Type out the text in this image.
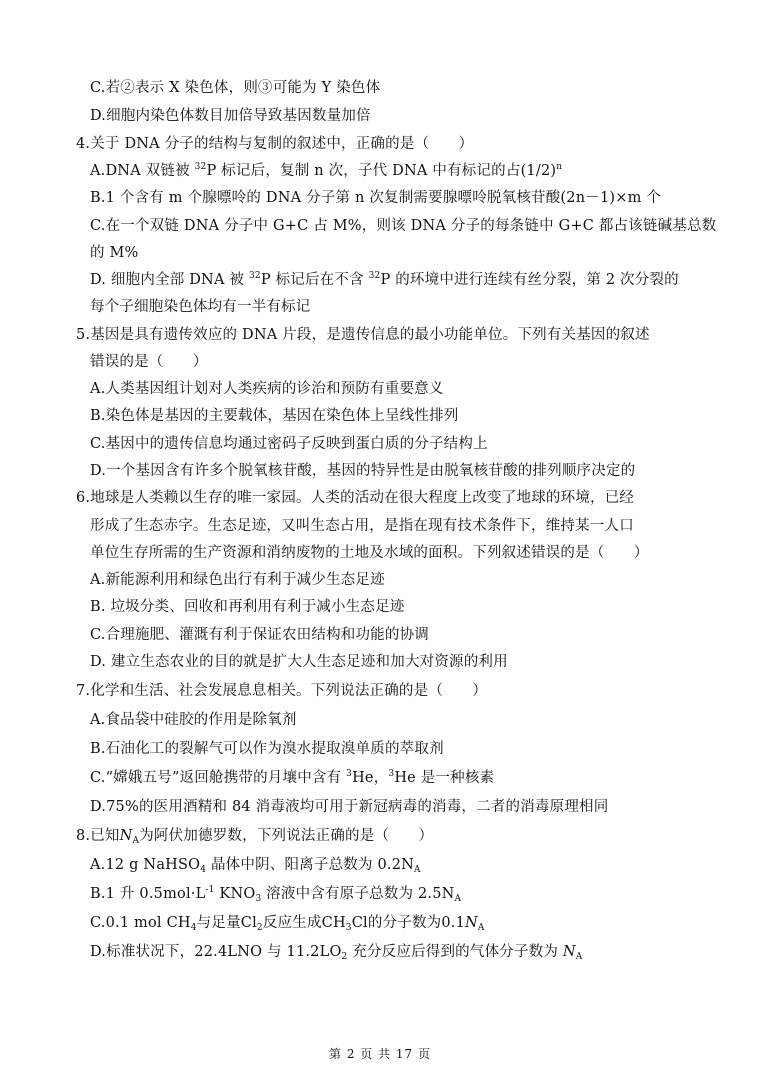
C.若②表示 X 染色体，则③可能为 Y 染色体
D.细胞内染色体数目加倍导致基因数量加倍
4.关于 DNA 分子的结构与复制的叙述中，正确的是（　　）
A.DNA 双链被 $^{32}$P 标记后，复制 n 次，子代 DNA 中有标记的占$(1/2)^n$
B.1 个含有 m 个腺嘌呤的 DNA 分子第 n 次复制需要腺嘌呤脱氧核苷酸(2n－1)×m 个
C.在一个双链 DNA 分子中 G+C 占 M%，则该 DNA 分子的每条链中 G+C 都占该链碱基总数
的 M%
D. 细胞内全部 DNA 被 $^{32}$P 标记后在不含 $^{32}$P 的环境中进行连续有丝分裂，第 2 次分裂的
每个子细胞染色体均有一半有标记
5.基因是具有遗传效应的 DNA 片段，是遗传信息的最小功能单位。下列有关基因的叙述
错误的是（　　）
A.人类基因组计划对人类疾病的诊治和预防有重要意义
B.染色体是基因的主要载体，基因在染色体上呈线性排列
C.基因中的遗传信息均通过密码子反映到蛋白质的分子结构上
D.一个基因含有许多个脱氧核苷酸，基因的特异性是由脱氧核苷酸的排列顺序决定的
6.地球是人类赖以生存的唯一家园。人类的活动在很大程度上改变了地球的环境，已经
形成了生态赤字。生态足迹，又叫生态占用，是指在现有技术条件下，维持某一人口
单位生存所需的生产资源和消纳废物的土地及水域的面积。下列叙述错误的是（　　）
A.新能源利用和绿色出行有利于减少生态足迹
B. 垃圾分类、回收和再利用有利于减小生态足迹
C.合理施肥、灌溉有利于保证农田结构和功能的协调
D. 建立生态农业的目的就是扩大人生态足迹和加大对资源的利用
7.化学和生活、社会发展息息相关。下列说法正确的是（　　）
A.食品袋中硅胶的作用是除氧剂
B.石油化工的裂解气可以作为溴水提取溴单质的萃取剂
C.“嫦娥五号”返回舱携带的月壤中含有 $^3$He，$^3$He 是一种核素
D.75%的医用酒精和 84 消毒液均可用于新冠病毒的消毒，二者的消毒原理相同
8.已知$N_A$为阿伏加德罗数，下列说法正确的是（　　）
A.12 g NaHSO$_4$ 晶体中阴、阳离子总数为 $0.2N_A$
B.1 升 $0.5mol\cdot L^{-1}$ $KNO_3$ 溶液中含有原子总数为 $2.5N_A$
C.0.1 mol $CH_4$与足量$Cl_2$反应生成$CH_3Cl$的分子数为$0.1N_A$
D.标准状况下，22.4LNO 与 $11.2LO_2$ 充分反应后得到的气体分子数为 $N_A$
第 2 页 共 17 页
